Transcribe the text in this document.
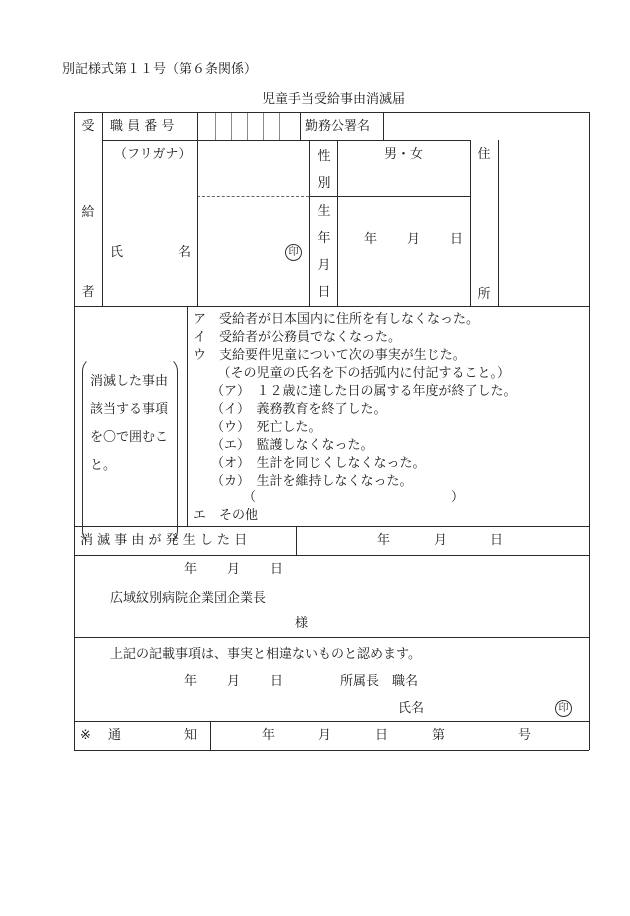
別記様式第１１号（第６条関係）
児童手当受給事由消滅届
受
給
者
職 員 番 号	勤務公署名
（フリガナ）
氏	名	印
性
別
男・女
生
年
月
日
年 月 日
住
所
消滅した事由
該当する事項
を〇で囲むこ
と。
ア　受給者が日本国内に住所を有しなくなった。
イ　受給者が公務員でなくなった。
ウ　支給要件児童について次の事実が生じた。
　（その児童の氏名を下の括弧内に付記すること。）
（ア）　１２歳に達した日の属する年度が終了した。
（イ）　義務教育を終了した。
（ウ）　死亡した。
（エ）　監護しなくなった。
（オ）　生計を同じくしなくなった。
（カ）　生計を維持しなくなった。
（　　　　　　　　　　　　　　　）
エ　その他
消 滅 事 由 が 発 生 し た 日	年	月	日
年 月 日
広域紋別病院企業団企業長
様
上記の記載事項は、事実と相違ないものと認めます。
年 月 日	所属長　職名
氏名	印
※ 通	知	年	月	日	第	号
